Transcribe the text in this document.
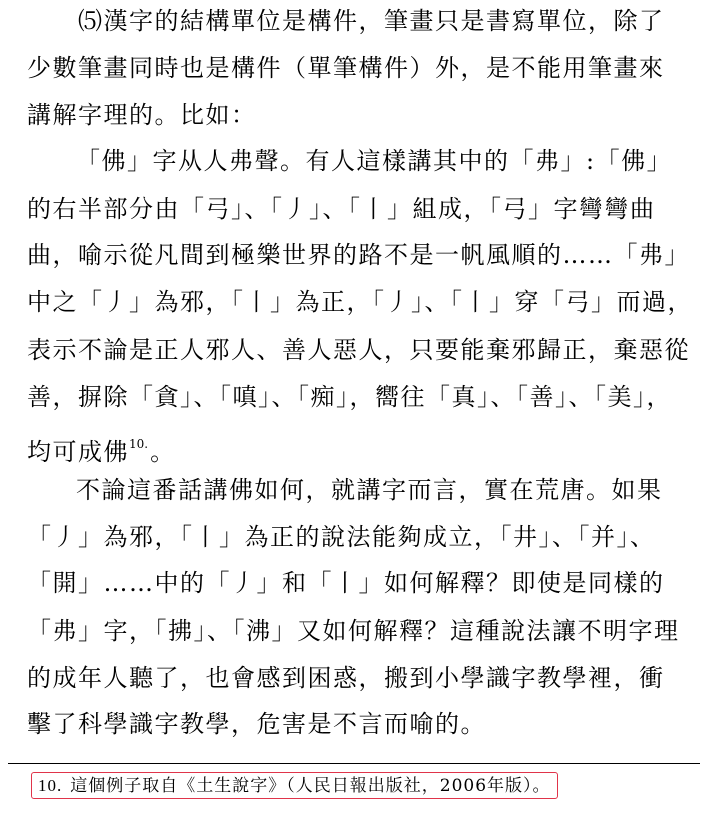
⑸漢字的結構單位是構件，筆畫只是書寫單位，除了
少數筆畫同時也是構件（單筆構件）外，是不能用筆畫來
講解字理的。比如：
「佛」字从人弗聲。有人這樣講其中的「弗」:「佛」
的右半部分由「弓」、「丿」、「丨」組成，「弓」字彎彎曲
曲，喻示從凡間到極樂世界的路不是一帆風順的……「弗」
中之「丿」為邪，「丨」為正，「丿」、「丨」穿「弓」而過，
表示不論是正人邪人、善人惡人，只要能棄邪歸正，棄惡從
善，摒除「貪」、「嗔」、「痴」，嚮往「真」、「善」、「美」，
均可成佛$^{10.}$。
不論這番話講佛如何，就講字而言，實在荒唐。如果
「丿」為邪，「丨」為正的說法能夠成立，「井」、「并」、
「開」……中的「丿」和「丨」如何解釋？即使是同樣的
「弗」字，「拂」、「沸」又如何解釋？這種說法讓不明字理
的成年人聽了，也會感到困惑，搬到小學識字教學裡，衝
擊了科學識字教學，危害是不言而喻的。
10. 這個例子取自《土生說字》（人民日報出版社，2006年版）。
